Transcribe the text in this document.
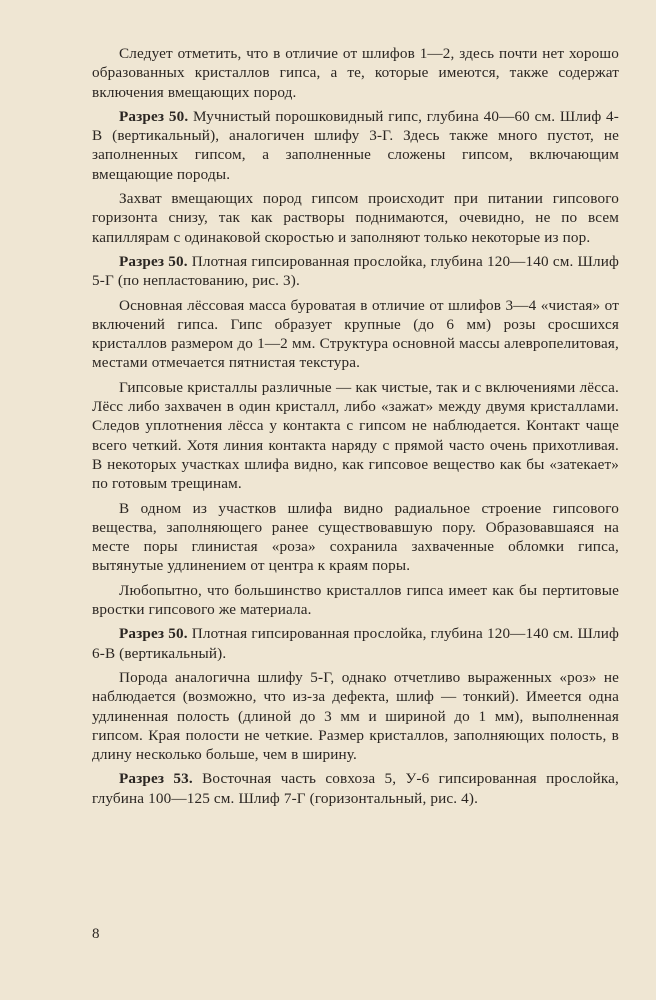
Следует отметить, что в отличие от шлифов 1—2, здесь почти нет хорошо образованных кристаллов гипса, а те, которые имеются, также содержат включения вмещающих пород.

Разрез 50. Мучнистый порошковидный гипс, глубина 40—60 см. Шлиф 4-В (вертикальный), аналогичен шлифу 3-Г. Здесь также много пустот, не заполненных гипсом, а заполненные сложены гипсом, включающим вмещающие породы.

Захват вмещающих пород гипсом происходит при питании гипсового горизонта снизу, так как растворы поднимаются, очевидно, не по всем капиллярам с одинаковой скоростью и заполняют только некоторые из пор.

Разрез 50. Плотная гипсированная прослойка, глубина 120—140 см. Шлиф 5-Г (по непластованию, рис. 3).

Основная лёссовая масса буроватая в отличие от шлифов 3—4 «чистая» от включений гипса. Гипс образует крупные (до 6 мм) розы сросшихся кристаллов размером до 1—2 мм. Структура основной массы алевропелитовая, местами отмечается пятнистая текстура.

Гипсовые кристаллы различные — как чистые, так и с включениями лёсса. Лёсс либо захвачен в один кристалл, либо «зажат» между двумя кристаллами. Следов уплотнения лёсса у контакта с гипсом не наблюдается. Контакт чаще всего четкий. Хотя линия контакта наряду с прямой часто очень прихотливая. В некоторых участках шлифа видно, как гипсовое вещество как бы «затекает» по готовым трещинам.

В одном из участков шлифа видно радиальное строение гипсового вещества, заполняющего ранее существовавшую пору. Образовавшаяся на месте поры глинистая «роза» сохранила захваченные обломки гипса, вытянутые удлинением от центра к краям поры.

Любопытно, что большинство кристаллов гипса имеет как бы пертитовые вростки гипсового же материала.

Разрез 50. Плотная гипсированная прослойка, глубина 120—140 см. Шлиф 6-В (вертикальный).

Порода аналогична шлифу 5-Г, однако отчетливо выраженных «роз» не наблюдается (возможно, что из-за дефекта, шлиф — тонкий). Имеется одна удлиненная полость (длиной до 3 мм и шириной до 1 мм), выполненная гипсом. Края полости не четкие. Размер кристаллов, заполняющих полость, в длину несколько больше, чем в ширину.

Разрез 53. Восточная часть совхоза 5, У-6 гипсированная прослойка, глубина 100—125 см. Шлиф 7-Г (горизонтальный, рис. 4).

8
